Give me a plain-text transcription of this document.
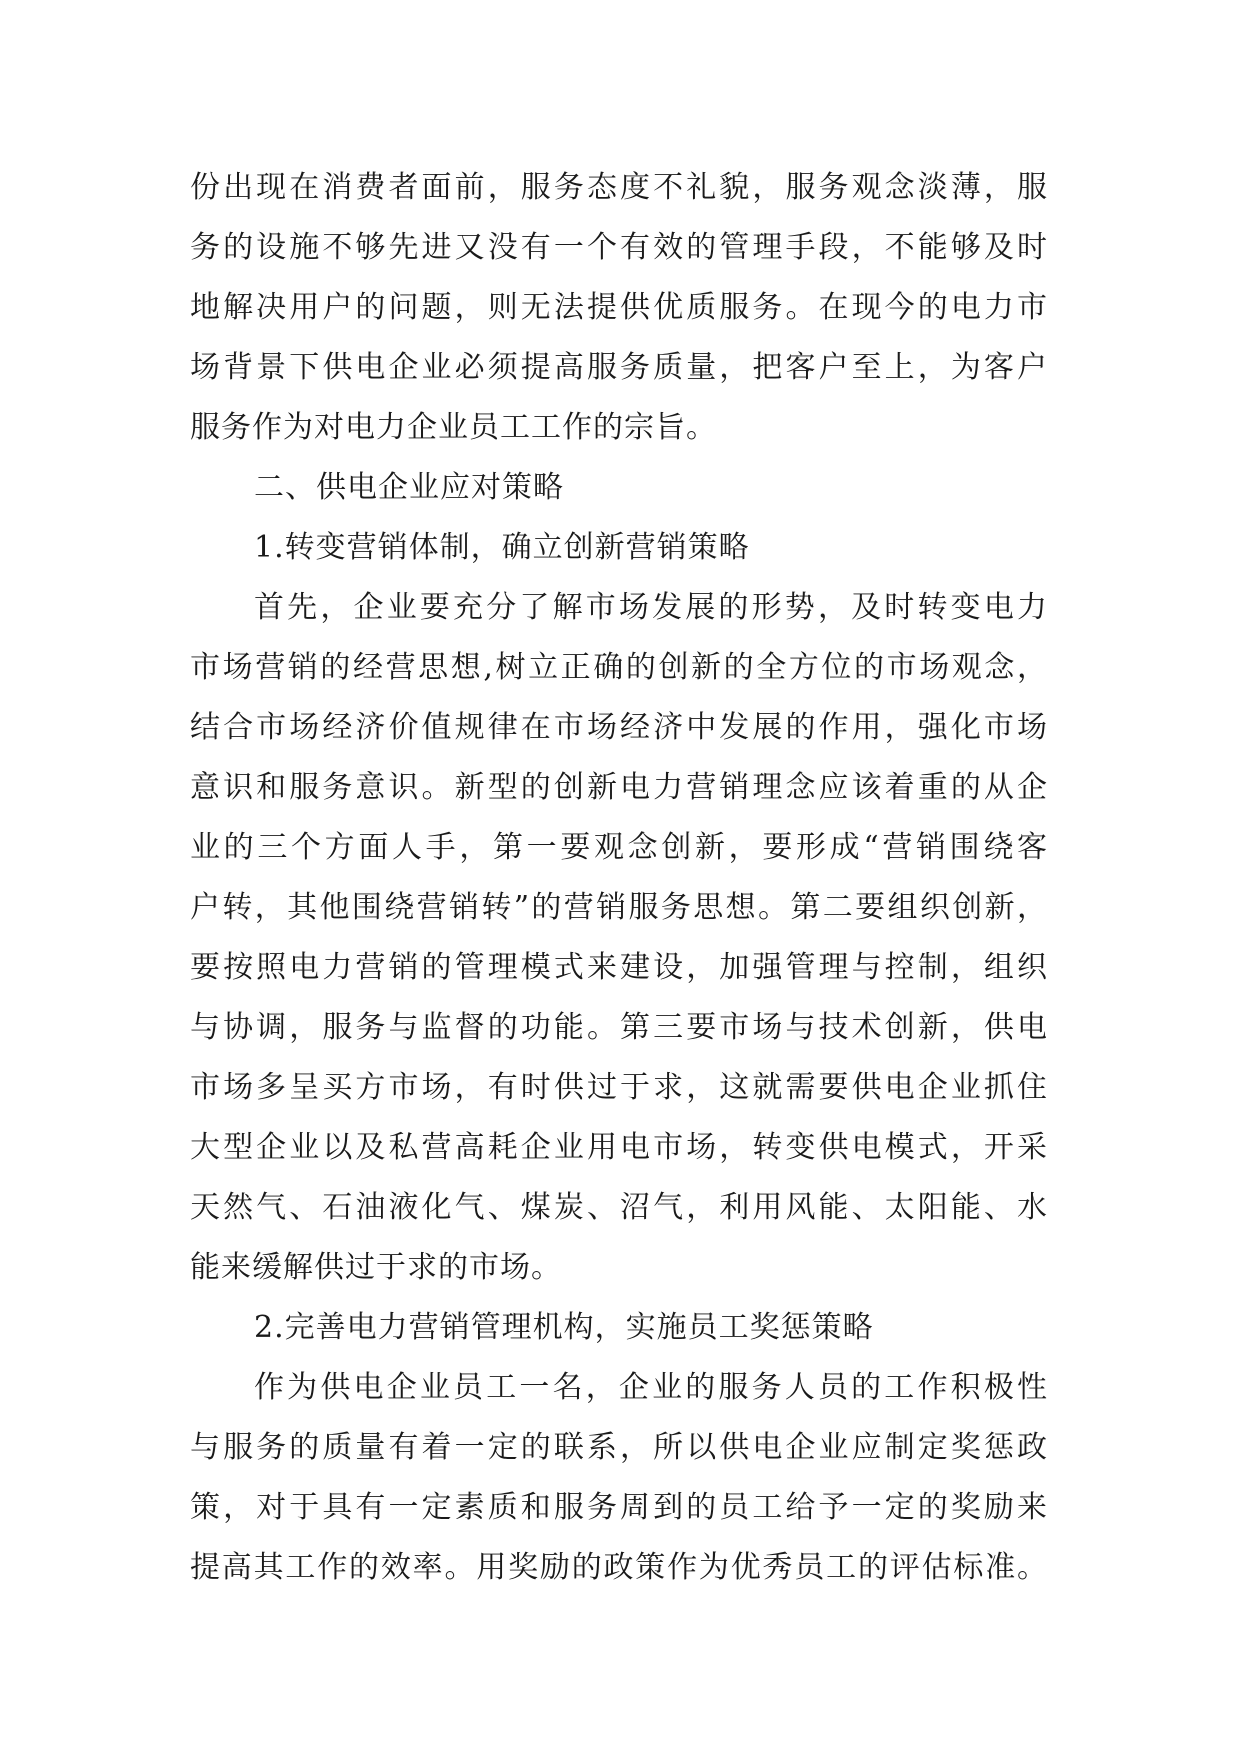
份出现在消费者面前，服务态度不礼貌，服务观念淡薄，服
务的设施不够先进又没有一个有效的管理手段，不能够及时
地解决用户的问题，则无法提供优质服务。在现今的电力市
场背景下供电企业必须提高服务质量，把客户至上，为客户
服务作为对电力企业员工工作的宗旨。
二、供电企业应对策略
1.转变营销体制，确立创新营销策略
首先，企业要充分了解市场发展的形势，及时转变电力
市场营销的经营思想,树立正确的创新的全方位的市场观念，
结合市场经济价值规律在市场经济中发展的作用，强化市场
意识和服务意识。新型的创新电力营销理念应该着重的从企
业的三个方面人手，第一要观念创新，要形成“营销围绕客
户转，其他围绕营销转”的营销服务思想。第二要组织创新，
要按照电力营销的管理模式来建设，加强管理与控制，组织
与协调，服务与监督的功能。第三要市场与技术创新，供电
市场多呈买方市场，有时供过于求，这就需要供电企业抓住
大型企业以及私营高耗企业用电市场，转变供电模式，开采
天然气、石油液化气、煤炭、沼气，利用风能、太阳能、水
能来缓解供过于求的市场。
2.完善电力营销管理机构，实施员工奖惩策略
作为供电企业员工一名，企业的服务人员的工作积极性
与服务的质量有着一定的联系，所以供电企业应制定奖惩政
策，对于具有一定素质和服务周到的员工给予一定的奖励来
提高其工作的效率。用奖励的政策作为优秀员工的评估标准。
